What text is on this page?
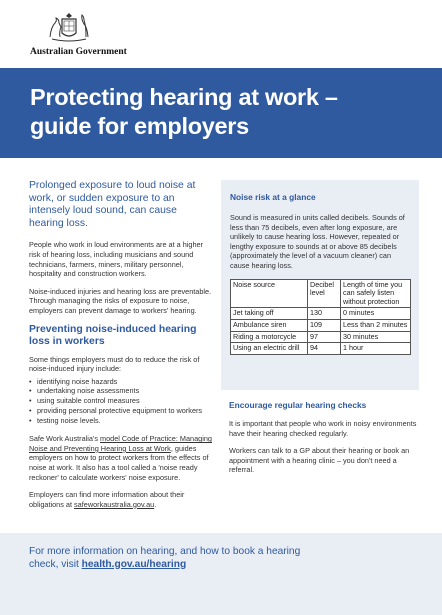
Australian Government
Protecting hearing at work –
guide for employers

Prolonged exposure to loud noise at work, or sudden exposure to an intensely loud sound, can cause hearing loss.

People who work in loud environments are at a higher risk of hearing loss, including musicians and sound technicians, farmers, miners, military personnel, hospitality and construction workers.

Noise-induced injuries and hearing loss are preventable. Through managing the risks of exposure to noise, employers can prevent damage to workers' hearing.

Preventing noise-induced hearing loss in workers

Some things employers must do to reduce the risk of noise-induced injury include:

• identifying noise hazards
• undertaking noise assessments
• using suitable control measures
• providing personal protective equipment to workers
• testing noise levels.

Safe Work Australia's model Code of Practice: Managing Noise and Preventing Hearing Loss at Work, guides employers on how to protect workers from the effects of noise at work. It also has a tool called a 'noise ready reckoner' to calculate workers' noise exposure.

Employers can find more information about their obligations at safeworkaustralia.gov.au.

Noise risk at a glance

Sound is measured in units called decibels. Sounds of less than 75 decibels, even after long exposure, are unlikely to cause hearing loss. However, repeated or lengthy exposure to sounds at or above 85 decibels (approximately the level of a vacuum cleaner) can cause hearing loss.

Noise source	Decibel level	Length of time you can safely listen without protection
Jet taking off	130	0 minutes
Ambulance siren	109	Less than 2 minutes
Riding a motorcycle	97	30 minutes
Using an electric drill	94	1 hour
Encourage regular hearing checks

It is important that people who work in noisy environments have their hearing checked regularly.

Workers can talk to a GP about their hearing or book an appointment with a hearing clinic – you don't need a referral.

For more information on hearing, and how to book a hearing check, visit health.gov.au/hearing
